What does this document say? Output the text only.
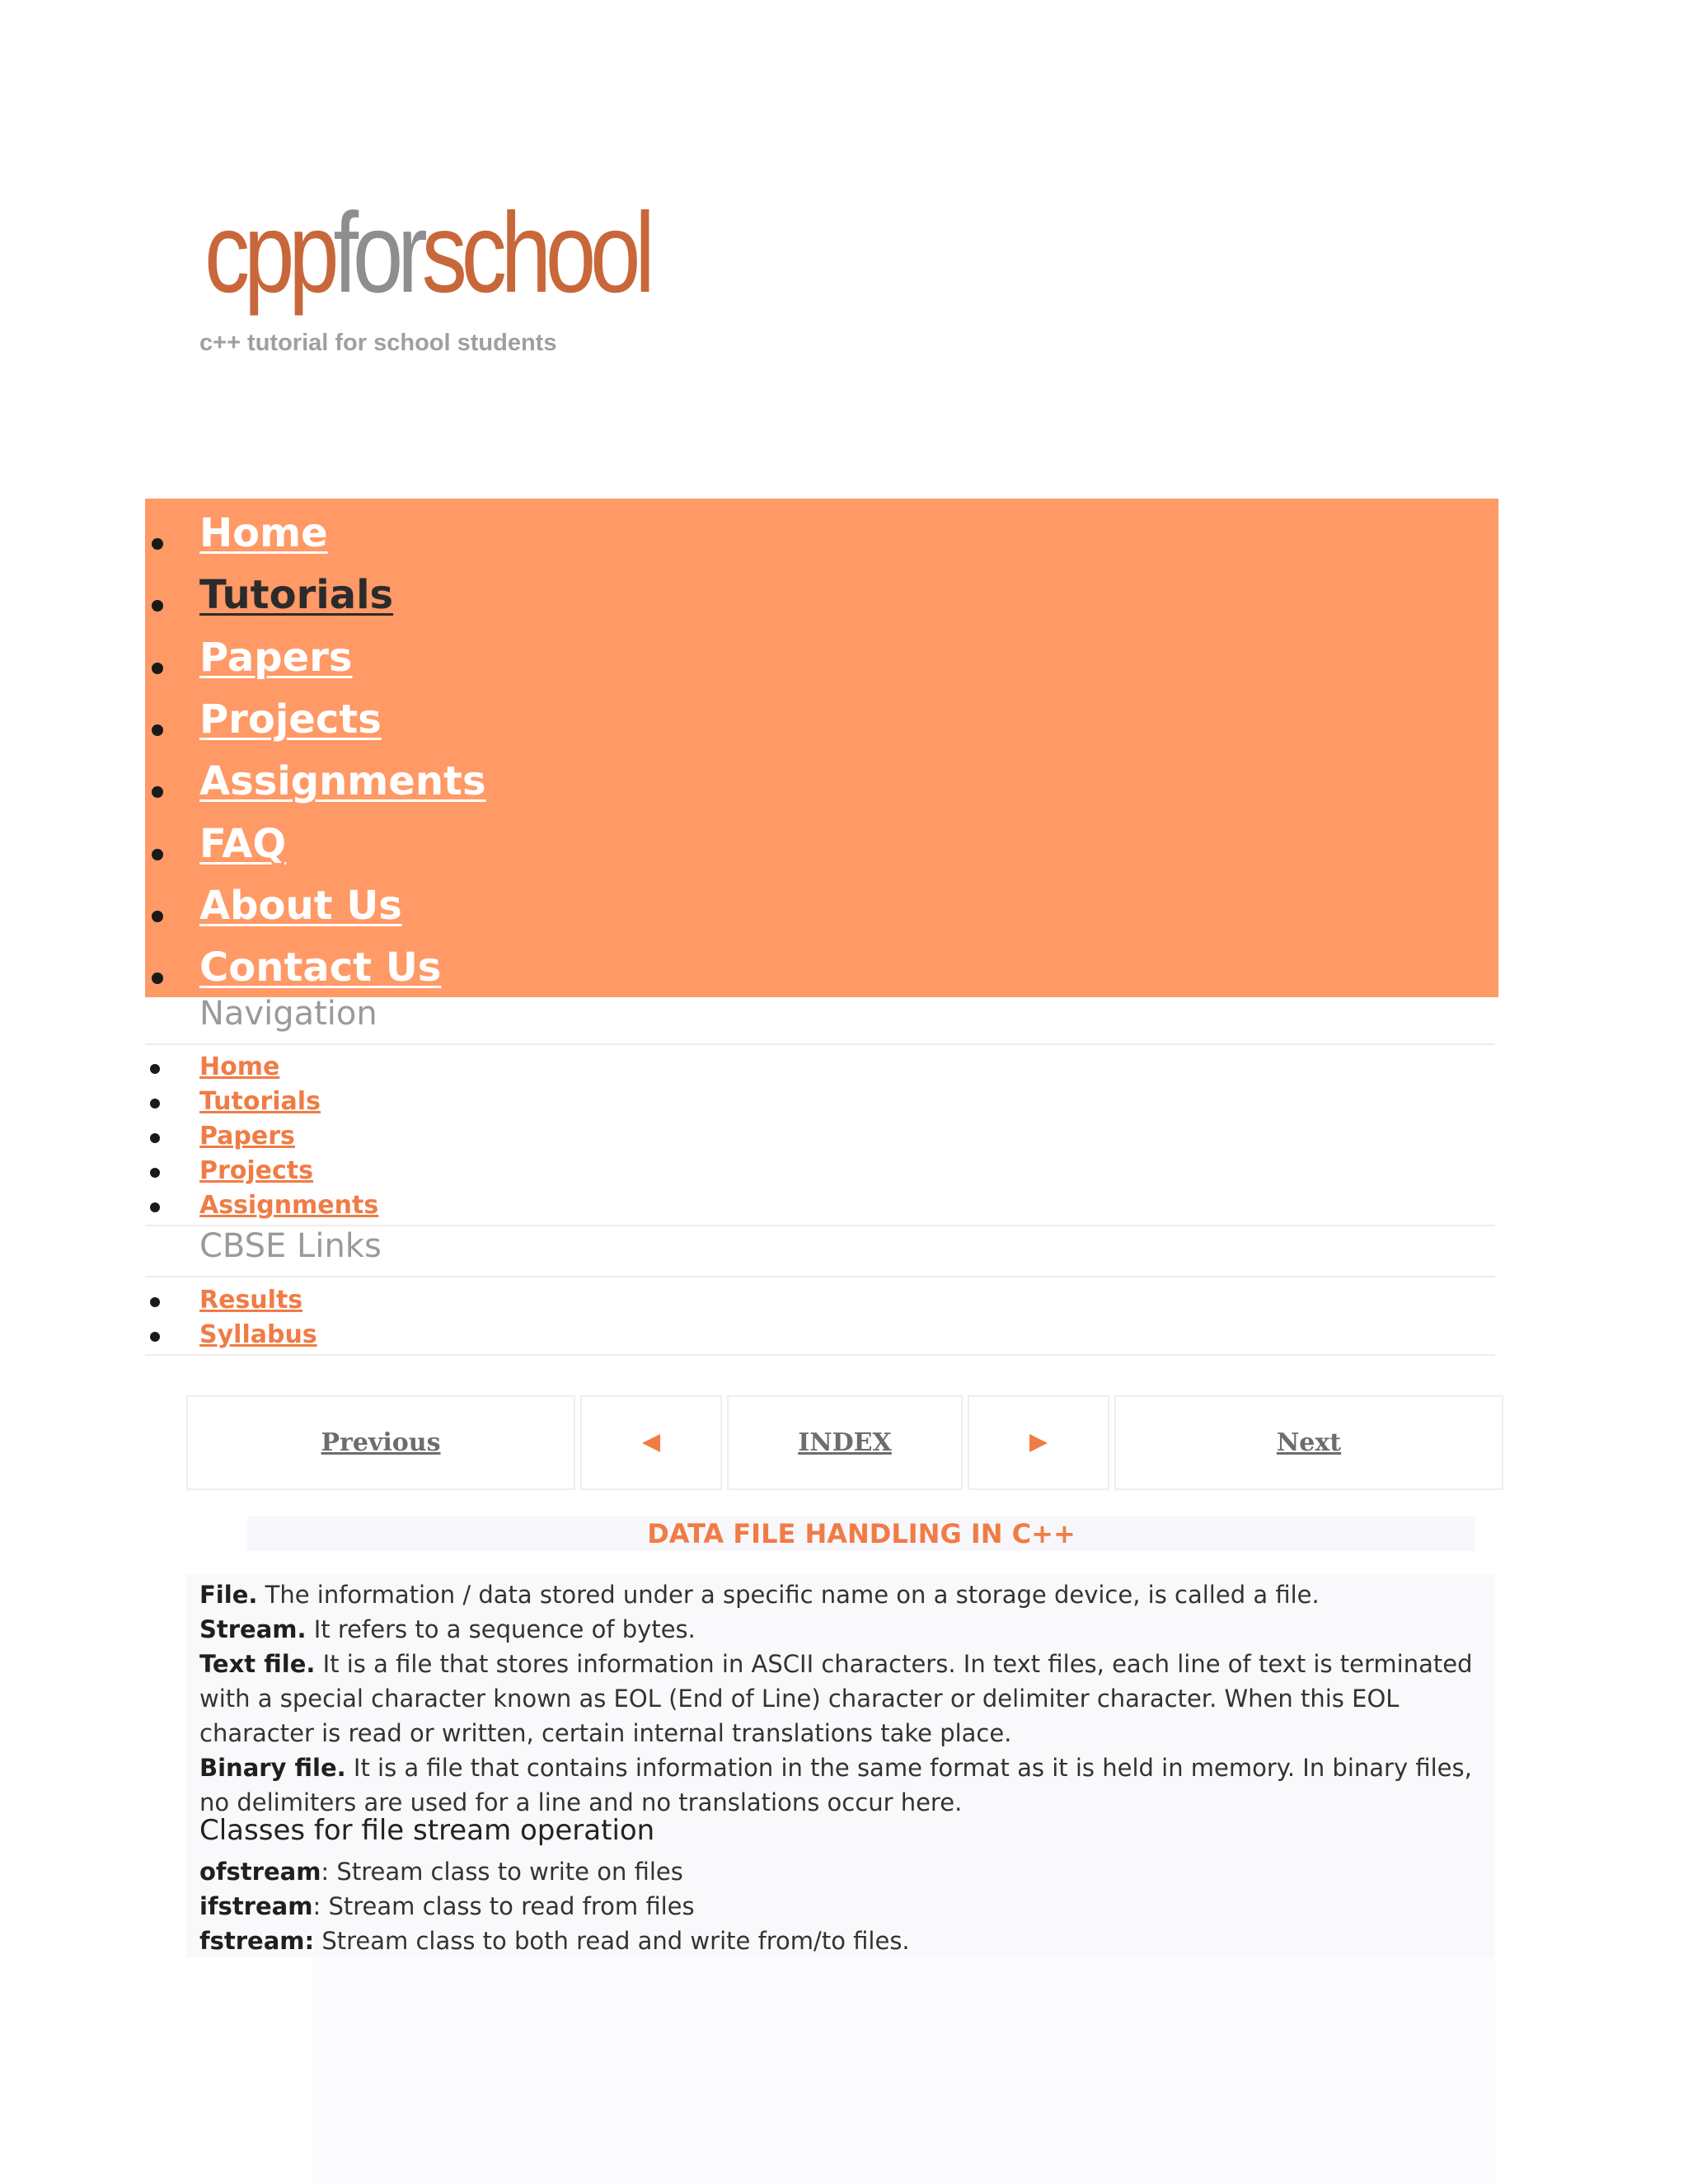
cppforschool
c++ tutorial for school students
Home
Tutorials
Papers
Projects
Assignments
FAQ
About Us
Contact Us
Navigation
Home
Tutorials
Papers
Projects
Assignments
CBSE Links
Results
Syllabus
Previous	INDEX	Next
DATA FILE HANDLING IN C++
File. The information / data stored under a specific name on a storage device, is called a file.
Stream. It refers to a sequence of bytes.
Text file. It is a file that stores information in ASCII characters. In text files, each line of text is terminated
with a special character known as EOL (End of Line) character or delimiter character. When this EOL
character is read or written, certain internal translations take place.
Binary file. It is a file that contains information in the same format as it is held in memory. In binary files,
no delimiters are used for a line and no translations occur here.
Classes for file stream operation
ofstream: Stream class to write on files
ifstream: Stream class to read from files
fstream: Stream class to both read and write from/to files.
